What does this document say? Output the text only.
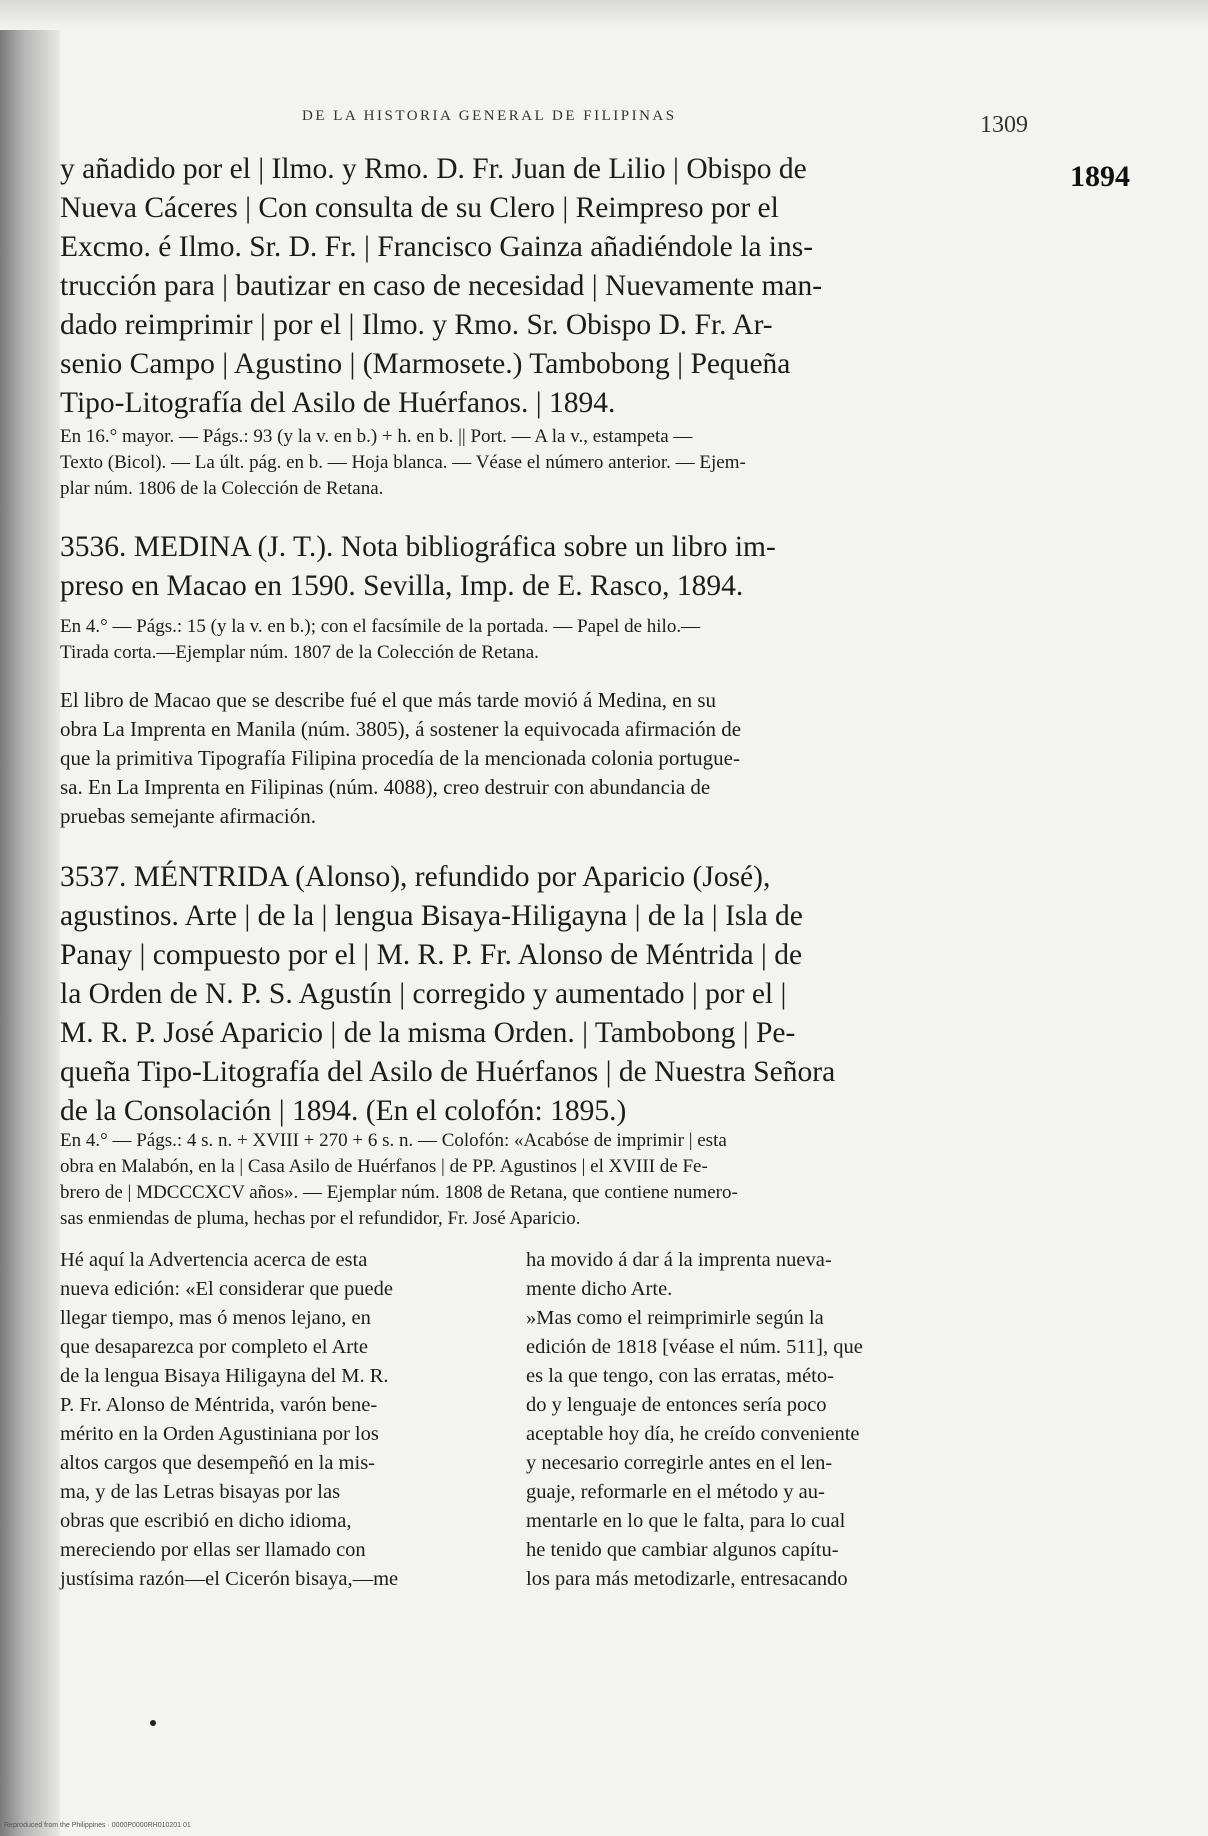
DE LA HISTORIA GENERAL DE FILIPINAS	1309
1894
y añadido por el | Ilmo. y Rmo. D. Fr. Juan de Lilio | Obispo de
Nueva Cáceres | Con consulta de su Clero | Reimpreso por el
Excmo. é Ilmo. Sr. D. Fr. | Francisco Gainza añadiéndole la ins-
trucción para | bautizar en caso de necesidad | Nuevamente man-
dado reimprimir | por el | Ilmo. y Rmo. Sr. Obispo D. Fr. Ar-
senio Campo | Agustino | (Marmosete.) Tambobong | Pequeña
Tipo-Litografía del Asilo de Huérfanos. | 1894.
En 16.° mayor. — Págs.: 93 (y la v. en b.) + h. en b. || Port. — A la v., estampeta —
Texto (Bicol). — La últ. pág. en b. — Hoja blanca. — Véase el número anterior. — Ejem-
plar núm. 1806 de la Colección de Retana.
3536. MEDINA (J. T.). Nota bibliográfica sobre un libro im-
preso en Macao en 1590. Sevilla, Imp. de E. Rasco, 1894.
En 4.° — Págs.: 15 (y la v. en b.); con el facsímile de la portada. — Papel de hilo.—
Tirada corta.—Ejemplar núm. 1807 de la Colección de Retana.
El libro de Macao que se describe fué el que más tarde movió á Medina, en su
obra La Imprenta en Manila (núm. 3805), á sostener la equivocada afirmación de
que la primitiva Tipografía Filipina procedía de la mencionada colonia portugue-
sa. En La Imprenta en Filipinas (núm. 4088), creo destruir con abundancia de
pruebas semejante afirmación.
3537. MÉNTRIDA (Alonso), refundido por Aparicio (José),
agustinos. Arte | de la | lengua Bisaya-Hiligayna | de la | Isla de
Panay | compuesto por el | M. R. P. Fr. Alonso de Méntrida | de
la Orden de N. P. S. Agustín | corregido y aumentado | por el |
M. R. P. José Aparicio | de la misma Orden. | Tambobong | Pe-
queña Tipo-Litografía del Asilo de Huérfanos | de Nuestra Señora
de la Consolación | 1894. (En el colofón: 1895.)
En 4.° — Págs.: 4 s. n. + XVIII + 270 + 6 s. n. — Colofón: «Acabóse de imprimir | esta
obra en Malabón, en la | Casa Asilo de Huérfanos | de PP. Agustinos | el XVIII de Fe-
brero de | MDCCCXCV años». — Ejemplar núm. 1808 de Retana, que contiene numero-
sas enmiendas de pluma, hechas por el refundidor, Fr. José Aparicio.
Hé aquí la Advertencia acerca de esta
nueva edición: «El considerar que puede
llegar tiempo, mas ó menos lejano, en
que desaparezca por completo el Arte
de la lengua Bisaya Hiligayna del M. R.
P. Fr. Alonso de Méntrida, varón bene-
mérito en la Orden Agustiniana por los
altos cargos que desempeñó en la mis-
ma, y de las Letras bisayas por las
obras que escribió en dicho idioma,
mereciendo por ellas ser llamado con
justísima razón—el Cicerón bisaya,—me
ha movido á dar á la imprenta nueva-
mente dicho Arte.
»Mas como el reimprimirle según la
edición de 1818 [véase el núm. 511], que
es la que tengo, con las erratas, méto-
do y lenguaje de entonces sería poco
aceptable hoy día, he creído conveniente
y necesario corregirle antes en el len-
guaje, reformarle en el método y au-
mentarle en lo que le falta, para lo cual
he tenido que cambiar algunos capítu-
los para más metodizarle, entresacando
Reproduced from the Philippines · 0000P0000RH010201 01
